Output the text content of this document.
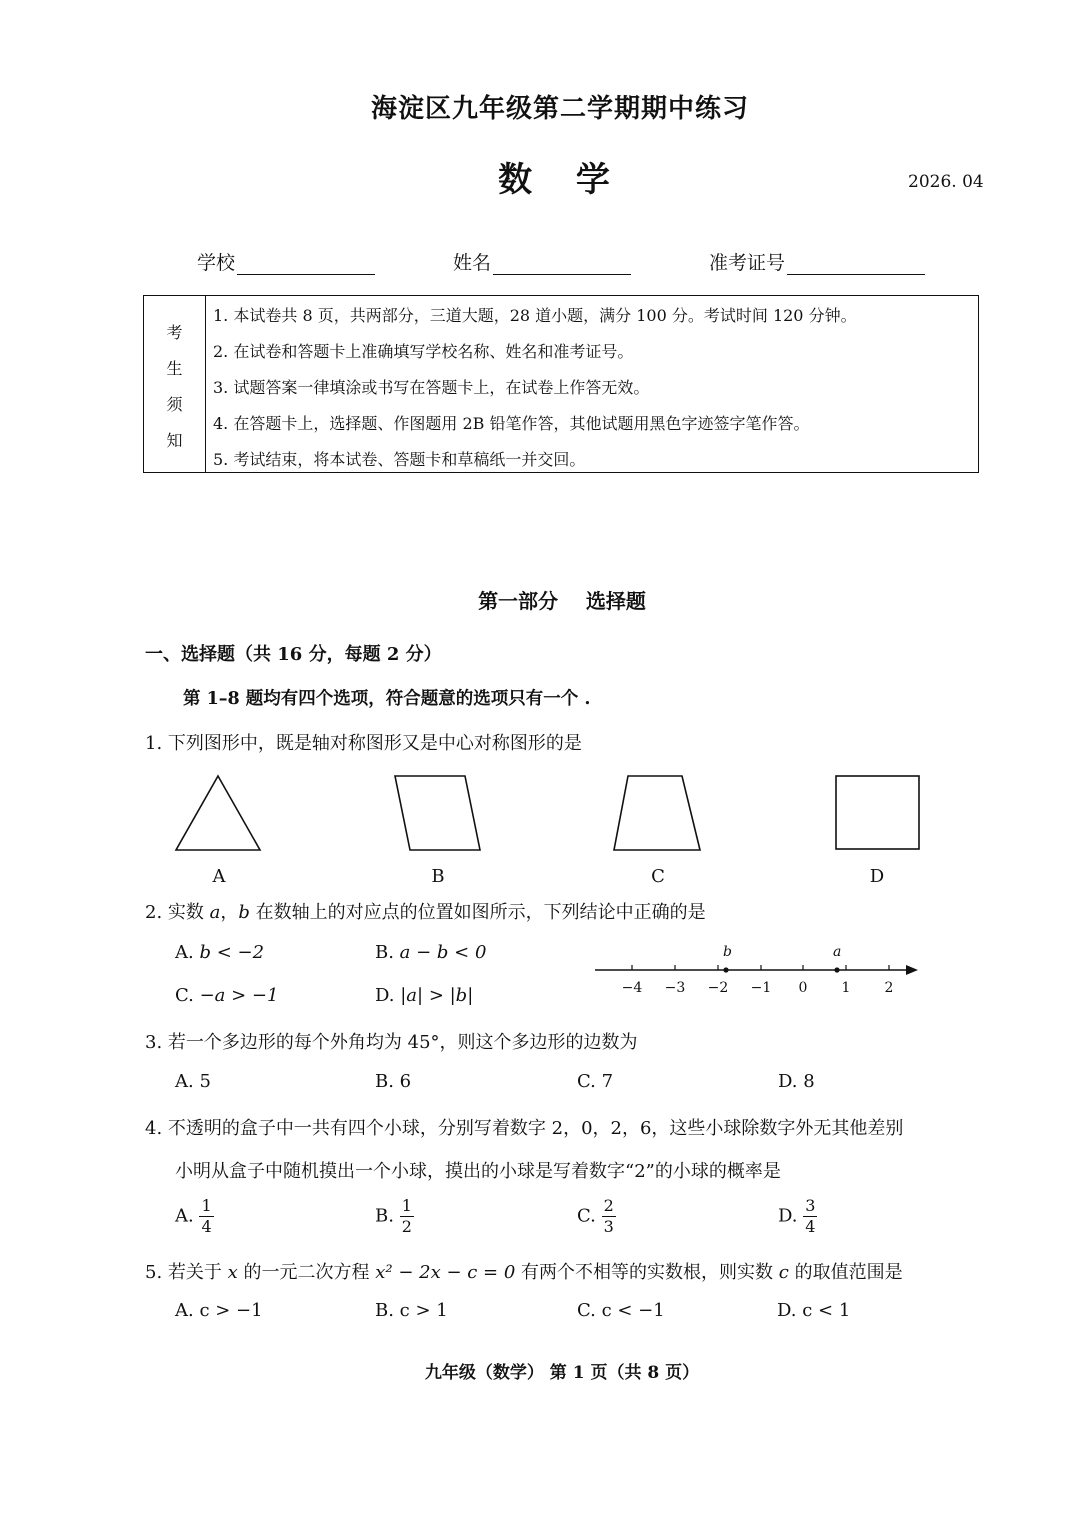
海淀区九年级第二学期期中练习
数 学	2026. 04
学校	姓名	准考证号
考
生
须
知
1. 本试卷共 8 页，共两部分，三道大题，28 道小题，满分 100 分。考试时间 120 分钟。
2. 在试卷和答题卡上准确填写学校名称、姓名和准考证号。
3. 试题答案一律填涂或书写在答题卡上，在试卷上作答无效。
4. 在答题卡上，选择题、作图题用 2B 铅笔作答，其他试题用黑色字迹签字笔作答。
5. 考试结束，将本试卷、答题卡和草稿纸一并交回。
第一部分    选择题
一、选择题（共 16 分，每题 2 分）
第 1–8 题均有四个选项，符合题意的选项只有一个 .
1. 下列图形中，既是轴对称图形又是中心对称图形的是
A	B	C	D
2. 实数 a，b 在数轴上的对应点的位置如图所示，下列结论中正确的是
A. b < −2	B. a − b < 0
C. −a > −1	D. |a| > |b|
b	a
−4	−3	−2	−1	0	1	2
3. 若一个多边形的每个外角均为 45°，则这个多边形的边数为
A. 5	B. 6	C. 7	D. 8
4. 不透明的盒子中一共有四个小球，分别写着数字 2，0，2，6，这些小球除数字外无其他差别
小明从盒子中随机摸出一个小球，摸出的小球是写着数字“2”的小球的概率是
A. $\frac{1}{4}$	B. $\frac{1}{2}$	C. $\frac{2}{3}$	D. $\frac{3}{4}$
5. 若关于 x 的一元二次方程 x² − 2x − c = 0 有两个不相等的实数根，则实数 c 的取值范围是
A. c > −1	B. c > 1	C. c < −1	D. c < 1
九年级（数学） 第 1 页（共 8 页）
